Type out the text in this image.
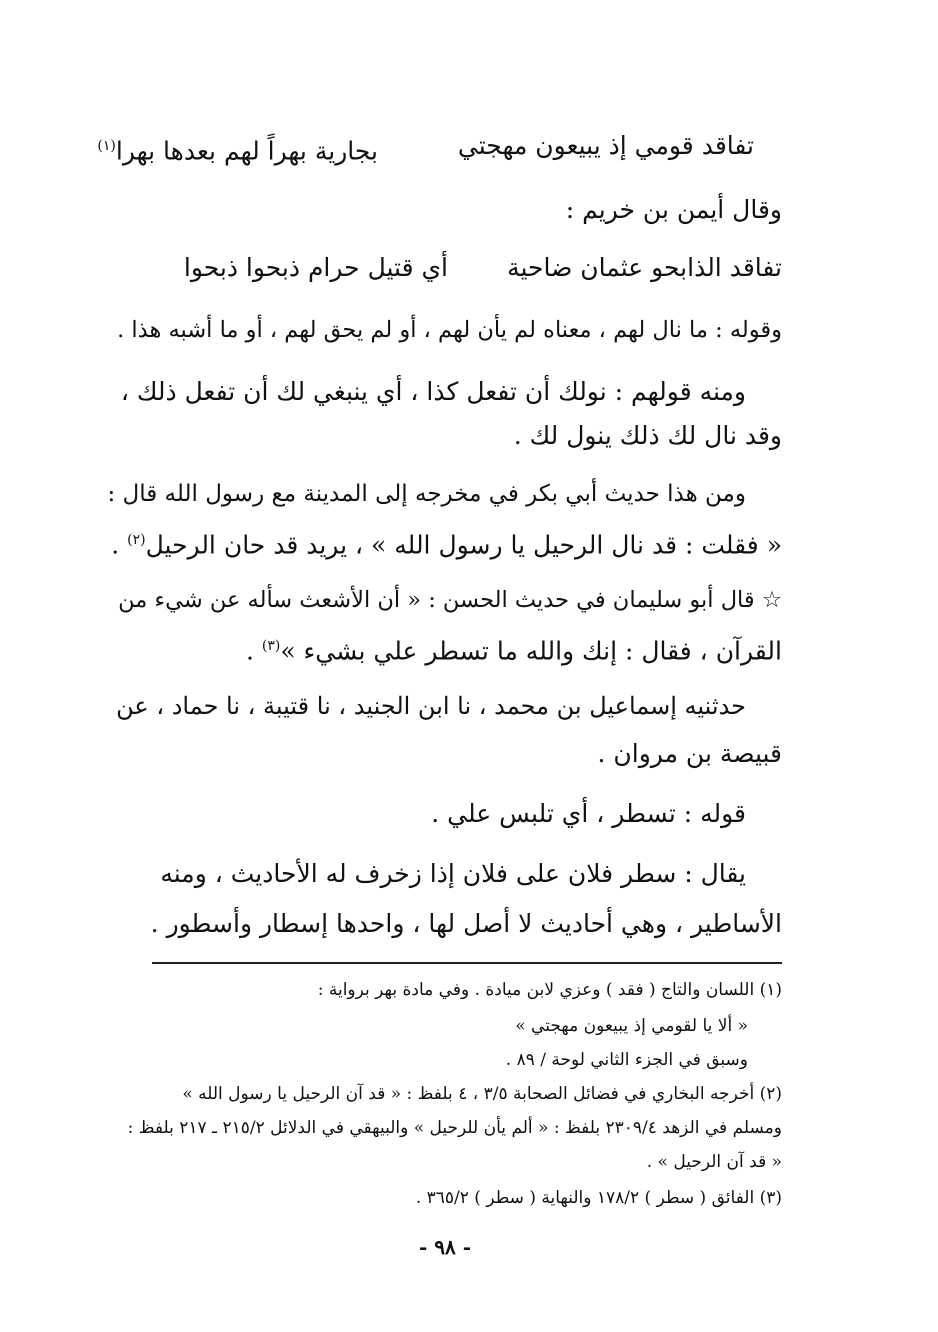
تفاقد قومي إذ يبيعون مهجتي
بجارية بهراً لهم بعدها بهرا$^{(١)}$
وقال أيمن بن خريم :
تفاقد الذابحو عثمان ضاحية
أي قتيل حرام ذبحوا ذبحوا
وقوله : ما نال لهم ، معناه لم يأن لهم ، أو لم يحق لهم ، أو ما أشبه هذا .
ومنه قولهم : نولك أن تفعل كذا ، أي ينبغي لك أن تفعل ذلك ،
وقد نال لك ذلك ينول لك .
ومن هذا حديث أبي بكر في مخرجه إلى المدينة مع رسول الله قال :
« فقلت : قد نال الرحيل يا رسول الله » ، يريد قد حان الرحيل$^{(٢)}$ .
☆ قال أبو سليمان في حديث الحسن : « أن الأشعث سأله عن شيء من
القرآن ، فقال : إنك والله ما تسطر علي بشيء »$^{(٣)}$ .
حدثنيه إسماعيل بن محمد ، نا ابن الجنيد ، نا قتيبة ، نا حماد ، عن
قبيصة بن مروان .
قوله : تسطر ، أي تلبس علي .
يقال : سطر فلان على فلان إذا زخرف له الأحاديث ، ومنه
الأساطير ، وهي أحاديث لا أصل لها ، واحدها إسطار وأسطور .
(١) اللسان والتاج ( فقد ) وعزي لابن ميادة . وفي مادة بهر برواية :
« ألا يا لقومي إذ يبيعون مهجتي »
وسبق في الجزء الثاني لوحة / ٨٩ .
(٢) أخرجه البخاري في فضائل الصحابة ٣/٥ ، ٤ بلفظ : « قد آن الرحيل يا رسول الله »
ومسلم في الزهد ٢٣٠٩/٤ بلفظ : « ألم يأن للرحيل » والبيهقي في الدلائل ٢١٥/٢ ـ ٢١٧ بلفظ :
« قد آن الرحيل » .
(٣) الفائق ( سطر ) ١٧٨/٢ والنهاية ( سطر ) ٣٦٥/٢ .
- ٩٨ -
